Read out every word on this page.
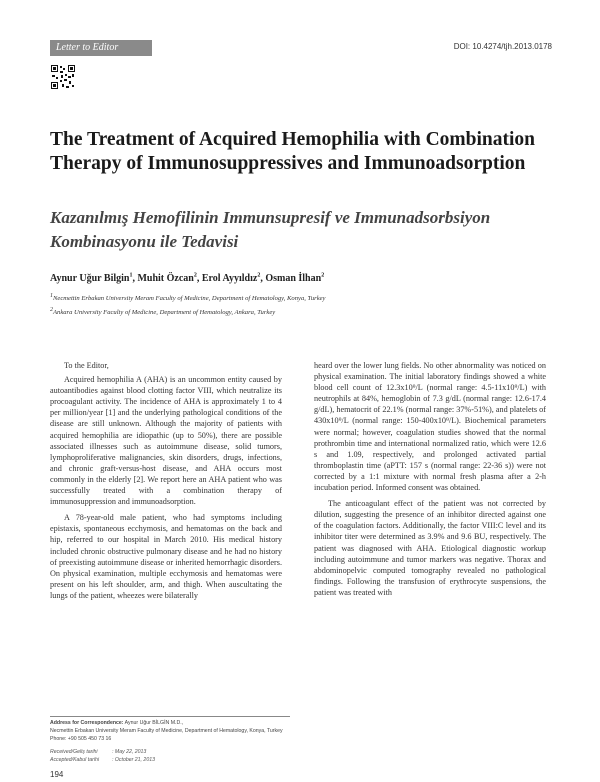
Letter to Editor	DOI: 10.4274/tjh.2013.0178
The Treatment of Acquired Hemophilia with Combination Therapy of Immunosuppressives and Immunoadsorption
Kazanılmış Hemofilinin Immunsupresif ve Immunadsorbsiyon Kombinasyonu ile Tedavisi
Aynur Uğur Bilgin$^1$, Muhit Özcan$^2$, Erol Ayyıldız$^2$, Osman İlhan$^2$
$^1$Necmettin Erbakan University Meram Faculty of Medicine, Department of Hematology, Konya, Turkey
$^2$Ankara University Faculty of Medicine, Department of Hematology, Ankara, Turkey
To the Editor,

Acquired hemophilia A (AHA) is an uncommon entity caused by autoantibodies against blood clotting factor VIII, which neutralize its procoagulant activity. The incidence of AHA is approximately 1 to 4 per million/year [1] and the underlying pathological conditions of the disease are still unknown. Although the majority of patients with acquired hemophilia are idiopathic (up to 50%), there are possible associated illnesses such as autoimmune disease, solid tumors, lymphoproliferative malignancies, skin disorders, drugs, infections, and chronic graft-versus-host disease, and AHA occurs most commonly in the elderly [2]. We report here an AHA patient who was successfully treated with a combination therapy of immunosuppression and immunoadsorption.

A 78-year-old male patient, who had symptoms including epistaxis, spontaneous ecchymosis, and hematomas on the back and hip, referred to our hospital in March 2010. His medical history included chronic obstructive pulmonary disease and he had no history of preexisting autoimmune disease or inherited hemorrhagic disorders. On physical examination, multiple ecchymosis and hematomas were present on his left shoulder, arm, and thigh. When auscultating the lungs of the patient, wheezes were bilaterally

heard over the lower lung fields. No other abnormality was noticed on physical examination. The initial laboratory findings showed a white blood cell count of 12.3x10⁹/L (normal range: 4.5-11x10⁹/L) with neutrophils at 84%, hemoglobin of 7.3 g/dL (normal range: 12.6-17.4 g/dL), hematocrit of 22.1% (normal range: 37%-51%), and platelets of 430x10⁹/L (normal range: 150-400x10⁹/L). Biochemical parameters were normal; however, coagulation studies showed that the normal prothrombin time and international normalized ratio, which were 12.6 s and 1.09, respectively, and prolonged activated partial thromboplastin time (aPTT: 157 s (normal range: 22-36 s)) were not corrected by a 1:1 mixture with normal fresh plasma after a 2-h incubation period. Informed consent was obtained.

The anticoagulant effect of the patient was not corrected by dilution, suggesting the presence of an inhibitor directed against one of the coagulation factors. Additionally, the factor VIII:C level and its inhibitor titer were determined as 3.9% and 9.6 BU, respectively. The patient was diagnosed with AHA. Etiological diagnostic workup including autoimmune and tumor markers was negative. Thorax and abdominopelvic computed tomography revealed no pathological findings. Following the transfusion of erythrocyte suspensions, the patient was treated with

Address for Correspondence: Aynur Uğur BİLGİN M.D.,
Necmettin Erbakan University Meram Faculty of Medicine, Department of Hematology, Konya, Turkey
Phone: +90 505 450 73 16
Received/Geliş tarihi	: May 22, 2013
Accepted/Kabul tarihi : October 21, 2013
194
